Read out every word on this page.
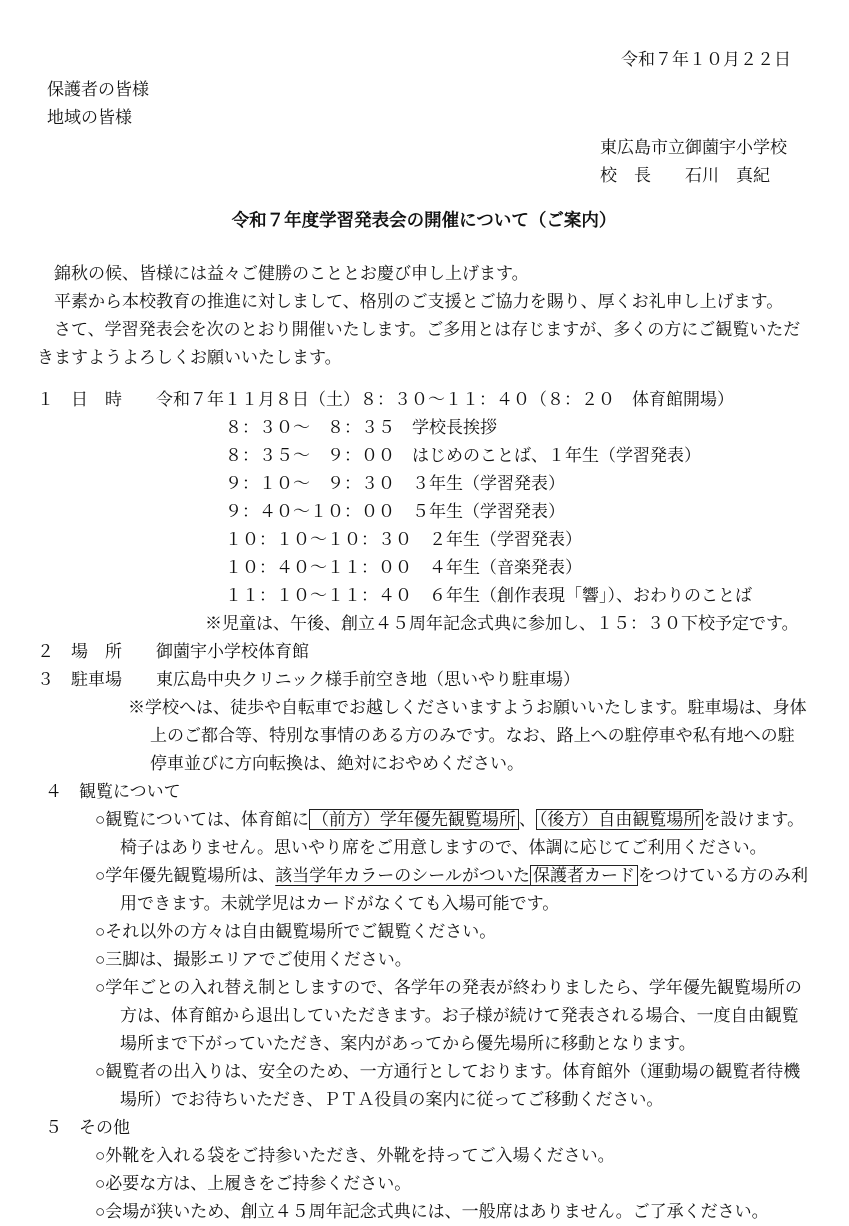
令和７年１０月２２日
保護者の皆様
地域の皆様
東広島市立御薗宇小学校
校　長　　石川　真紀
令和７年度学習発表会の開催について（ご案内）

　錦秋の候、皆様には益々ご健勝のこととお慶び申し上げます。

　平素から本校教育の推進に対しまして、格別のご支援とご協力を賜り、厚くお礼申し上げます。

　さて、学習発表会を次のとおり開催いたします。ご多用とは存じますが、多くの方にご観覧いただきますようよろしくお願いいたします。

１　日　時　　令和７年１１月８日（土）８：３０～１１：４０（８：２０　体育館開場）
８：３０～　８：３５　学校長挨拶
８：３５～　９：００　はじめのことば、１年生（学習発表）
９：１０～　９：３０　３年生（学習発表）
９：４０～１０：００　５年生（学習発表）
１０：１０～１０：３０　２年生（学習発表）
１０：４０～１１：００　４年生（音楽発表）
１１：１０～１１：４０　６年生（創作表現「響」）、おわりのことば
※児童は、午後、創立４５周年記念式典に参加し、１５：３０下校予定です。
２　場　所　　御薗宇小学校体育館
３　駐車場　　東広島中央クリニック様手前空き地（思いやり駐車場）
※学校へは、徒歩や自転車でお越しくださいますようお願いいたします。駐車場は、身体上のご都合等、特別な事情のある方のみです。なお、路上への駐停車や私有地への駐停車並びに方向転換は、絶対におやめください。
４　観覧について
○観覧については、体育館に （前方）学年優先観覧場所 、 （後方）自由観覧場所 を設けます。椅子はありません。思いやり席をご用意しますので、体調に応じてご利用ください。
○学年優先観覧場所は、該当学年カラーのシールがついた 保護者カード をつけている方のみ利用できます。未就学児はカードがなくても入場可能です。
○それ以外の方々は自由観覧場所でご観覧ください。
○三脚は、撮影エリアでご使用ください。
○学年ごとの入れ替え制としますので、各学年の発表が終わりましたら、学年優先観覧場所の方は、体育館から退出していただきます。お子様が続けて発表される場合、一度自由観覧場所まで下がっていただき、案内があってから優先場所に移動となります。
○観覧者の出入りは、安全のため、一方通行としております。体育館外（運動場の観覧者待機場所）でお待ちいただき、ＰＴＡ役員の案内に従ってご移動ください。
５　その他
○外靴を入れる袋をご持参いただき、外靴を持ってご入場ください。
○必要な方は、上履きをご持参ください。
○会場が狭いため、創立４５周年記念式典には、一般席はありません。ご了承ください。
